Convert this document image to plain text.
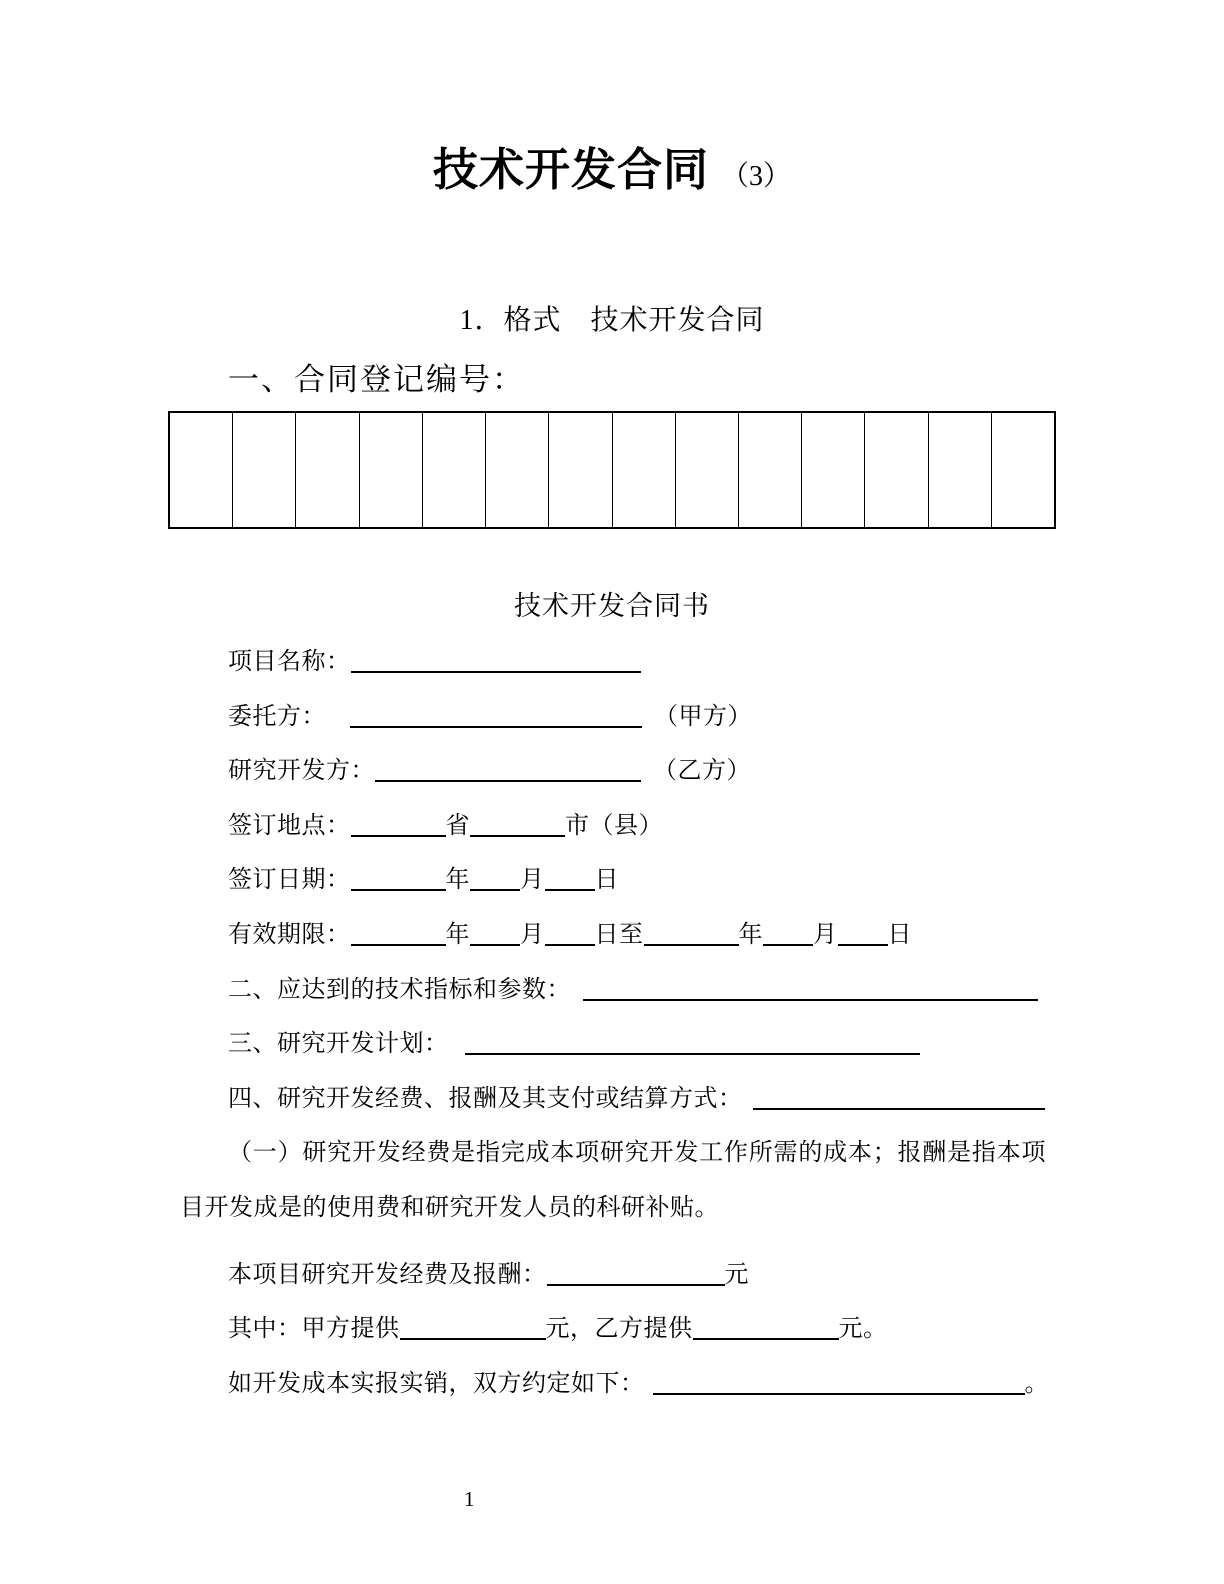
技术开发合同 （3）
1．格式　技术开发合同
一、合同登记编号：
技术开发合同书
项目名称：
委托方：	（甲方）
研究开发方：	（乙方）
签订地点：	省	市（县）
签订日期：	年 月 日
有效期限：	年 月 日至	年 月 日
二、应达到的技术指标和参数：
三、研究开发计划：
四、研究开发经费、报酬及其支付或结算方式：

（一）研究开发经费是指完成本项研究开发工作所需的成本；报酬是指本项目开发成是的使用费和研究开发人员的科研补贴。

本项目研究开发经费及报酬：	元
其中：甲方提供	元，乙方提供	元。
如开发成本实报实销，双方约定如下：	。
1
